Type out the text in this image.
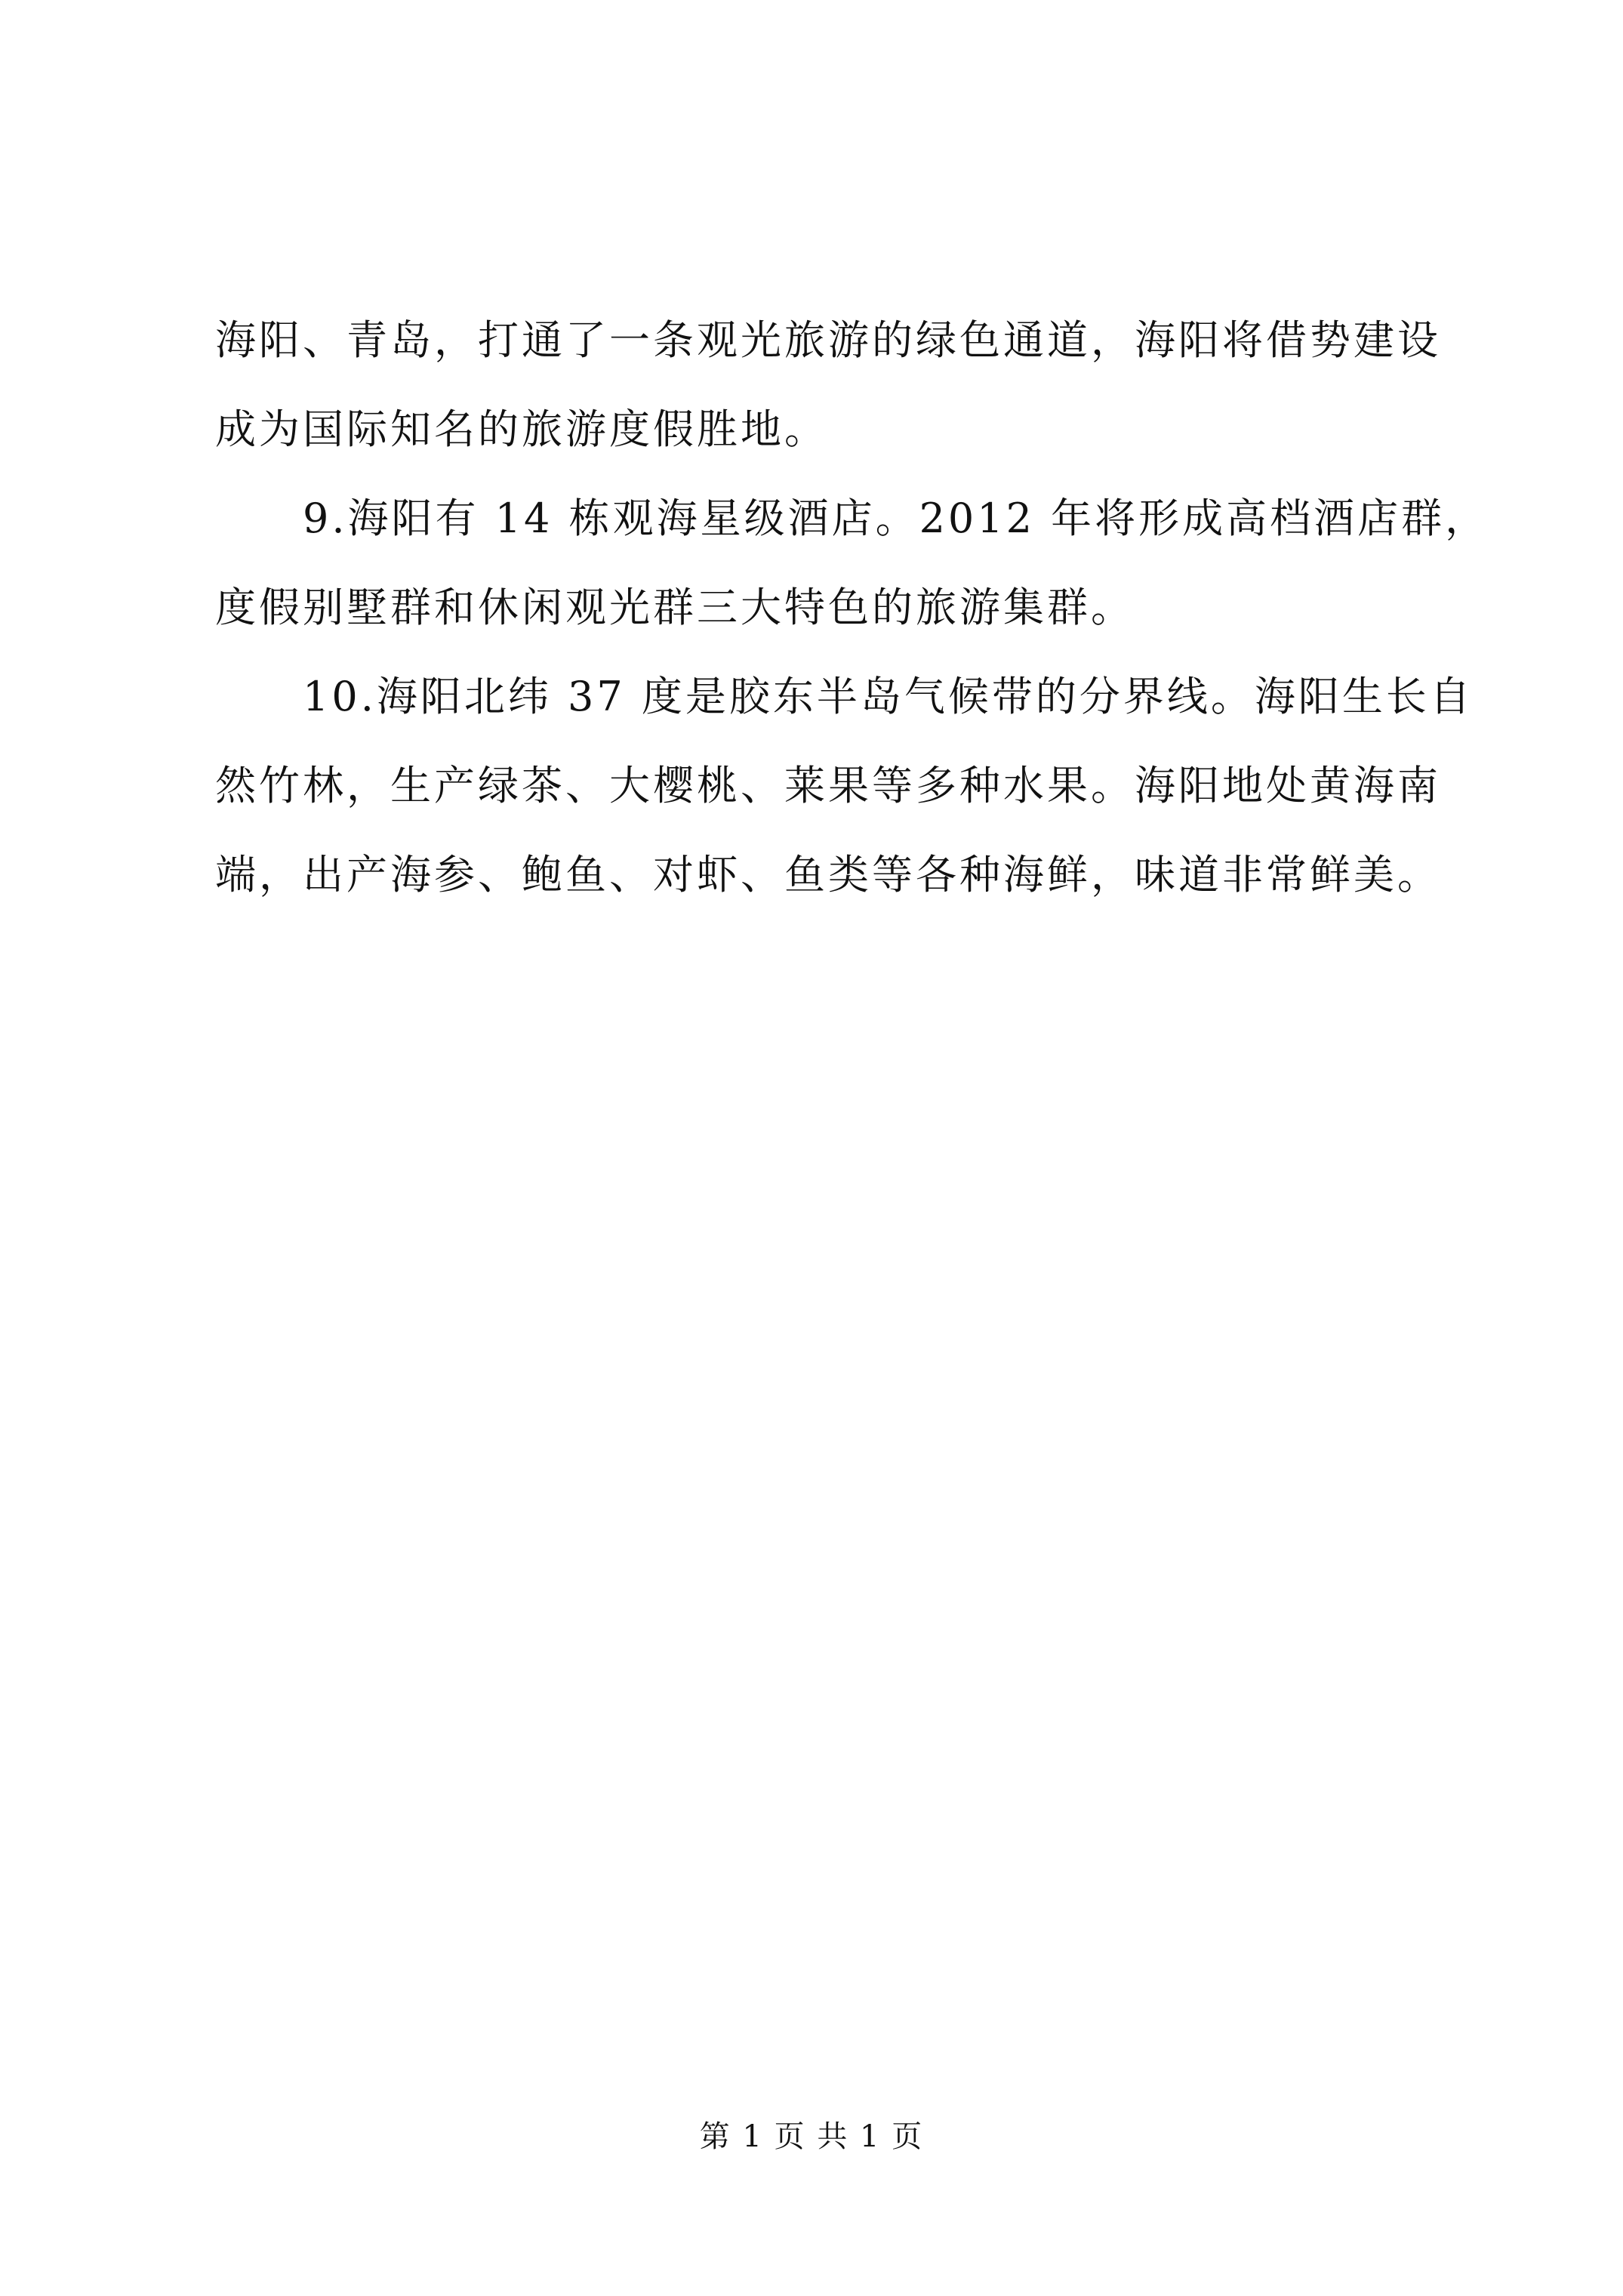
海阳、青岛，打通了一条观光旅游的绿色通道，海阳将借势建设
成为国际知名的旅游度假胜地。

9.海阳有 14 栋观海星级酒店。2012 年将形成高档酒店群，
度假别墅群和休闲观光群三大特色的旅游集群。

10.海阳北纬 37 度是胶东半岛气候带的分界线。海阳生长自
然竹林，生产绿茶、大樱桃、莱果等多种水果。海阳地处黄海南
端，出产海参、鲍鱼、对虾、鱼类等各种海鲜，味道非常鲜美。

第 1 页 共 1 页
